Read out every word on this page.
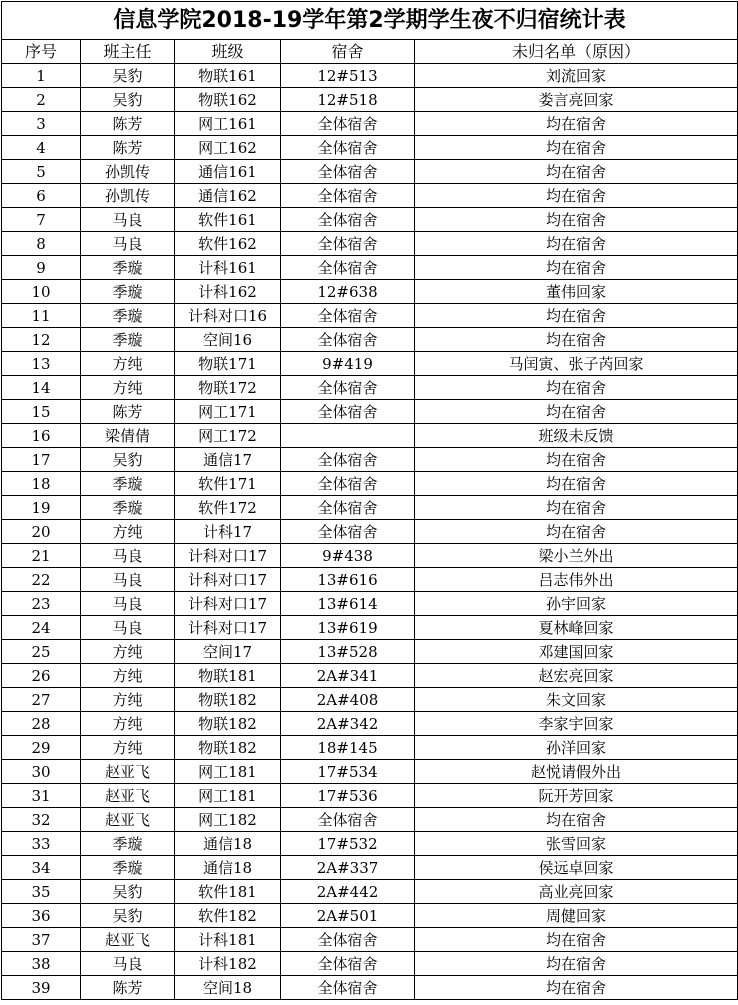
信息学院2018-19学年第2学期学生夜不归宿统计表				
序号	班主任	班级	宿舍	未归名单（原因）
1	吴豹	物联161	12#513	刘流回家
2	吴豹	物联162	12#518	娄言亮回家
3	陈芳	网工161	全体宿舍	均在宿舍
4	陈芳	网工162	全体宿舍	均在宿舍
5	孙凯传	通信161	全体宿舍	均在宿舍
6	孙凯传	通信162	全体宿舍	均在宿舍
7	马良	软件161	全体宿舍	均在宿舍
8	马良	软件162	全体宿舍	均在宿舍
9	季璇	计科161	全体宿舍	均在宿舍
10	季璇	计科162	12#638	董伟回家
11	季璇	计科对口16	全体宿舍	均在宿舍
12	季璇	空间16	全体宿舍	均在宿舍
13	方纯	物联171	9#419	马闰寅、张子芮回家
14	方纯	物联172	全体宿舍	均在宿舍
15	陈芳	网工171	全体宿舍	均在宿舍
16	梁倩倩	网工172		班级未反馈
17	吴豹	通信17	全体宿舍	均在宿舍
18	季璇	软件171	全体宿舍	均在宿舍
19	季璇	软件172	全体宿舍	均在宿舍
20	方纯	计科17	全体宿舍	均在宿舍
21	马良	计科对口17	9#438	梁小兰外出
22	马良	计科对口17	13#616	吕志伟外出
23	马良	计科对口17	13#614	孙宇回家
24	马良	计科对口17	13#619	夏林峰回家
25	方纯	空间17	13#528	邓建国回家
26	方纯	物联181	2A#341	赵宏亮回家
27	方纯	物联182	2A#408	朱文回家
28	方纯	物联182	2A#342	李家宇回家
29	方纯	物联182	18#145	孙洋回家
30	赵亚飞	网工181	17#534	赵悦请假外出
31	赵亚飞	网工181	17#536	阮开芳回家
32	赵亚飞	网工182	全体宿舍	均在宿舍
33	季璇	通信18	17#532	张雪回家
34	季璇	通信18	2A#337	侯远卓回家
35	吴豹	软件181	2A#442	高业亮回家
36	吴豹	软件182	2A#501	周健回家
37	赵亚飞	计科181	全体宿舍	均在宿舍
38	马良	计科182	全体宿舍	均在宿舍
39	陈芳	空间18	全体宿舍	均在宿舍
